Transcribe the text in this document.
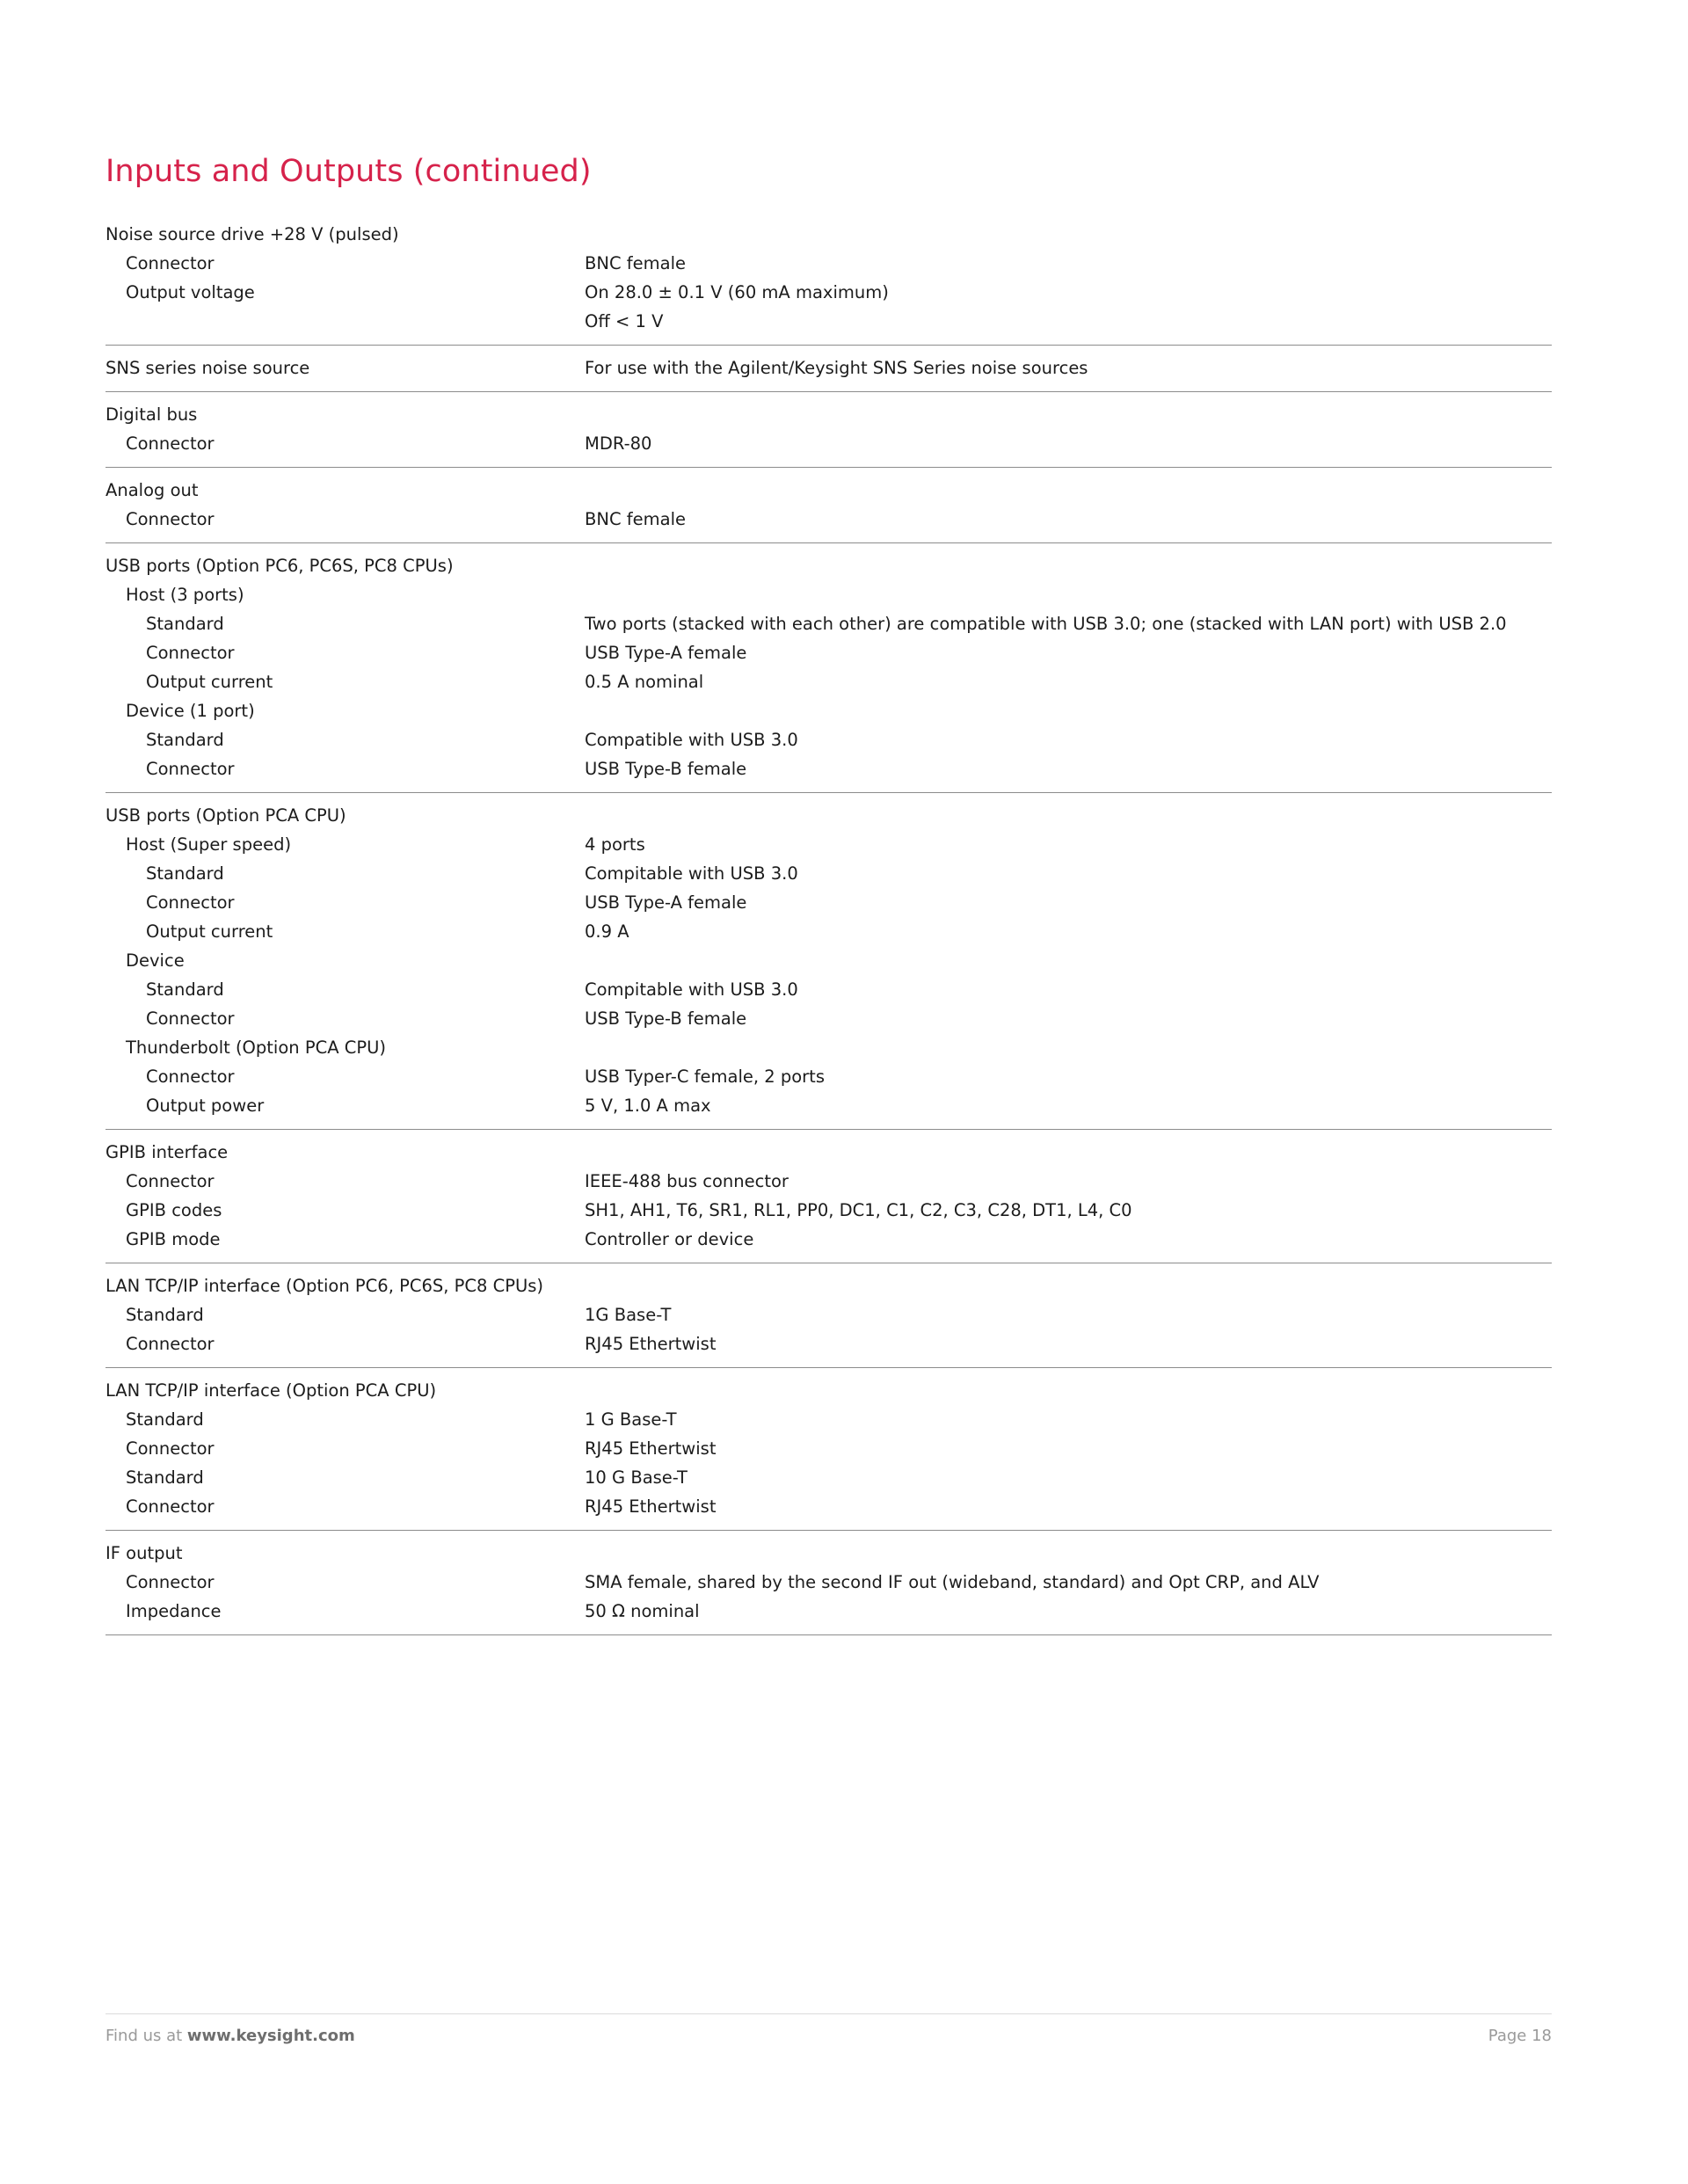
Inputs and Outputs (continued)
Noise source drive +28 V (pulsed)	
Connector	BNC female
Output voltage	On 28.0 ± 0.1 V (60 mA maximum)
	Off < 1 V
SNS series noise source	For use with the Agilent/Keysight SNS Series noise sources
Digital bus	
Connector	MDR-80
Analog out	
Connector	BNC female
USB ports (Option PC6, PC6S, PC8 CPUs)	
Host (3 ports)	
Standard	Two ports (stacked with each other) are compatible with USB 3.0; one (stacked with LAN port) with USB 2.0
Connector	USB Type-A female
Output current	0.5 A nominal
Device (1 port)	
Standard	Compatible with USB 3.0
Connector	USB Type-B female
USB ports (Option PCA CPU)	
Host (Super speed)	4 ports
Standard	Compitable with USB 3.0
Connector	USB Type-A female
Output current	0.9 A
Device	
Standard	Compitable with USB 3.0
Connector	USB Type-B female
Thunderbolt (Option PCA CPU)	
Connector	USB Typer-C female, 2 ports
Output power	5 V, 1.0 A max
GPIB interface	
Connector	IEEE-488 bus connector
GPIB codes	SH1, AH1, T6, SR1, RL1, PP0, DC1, C1, C2, C3, C28, DT1, L4, C0
GPIB mode	Controller or device
LAN TCP/IP interface (Option PC6, PC6S, PC8 CPUs)	
Standard	1G Base-T
Connector	RJ45 Ethertwist
LAN TCP/IP interface (Option PCA CPU)	
Standard	1 G Base-T
Connector	RJ45 Ethertwist
Standard	10 G Base-T
Connector	RJ45 Ethertwist
IF output	
Connector	SMA female, shared by the second IF out (wideband, standard) and Opt CRP, and ALV
Impedance	50 Ω nominal
Find us at www.keysight.com	Page 18
